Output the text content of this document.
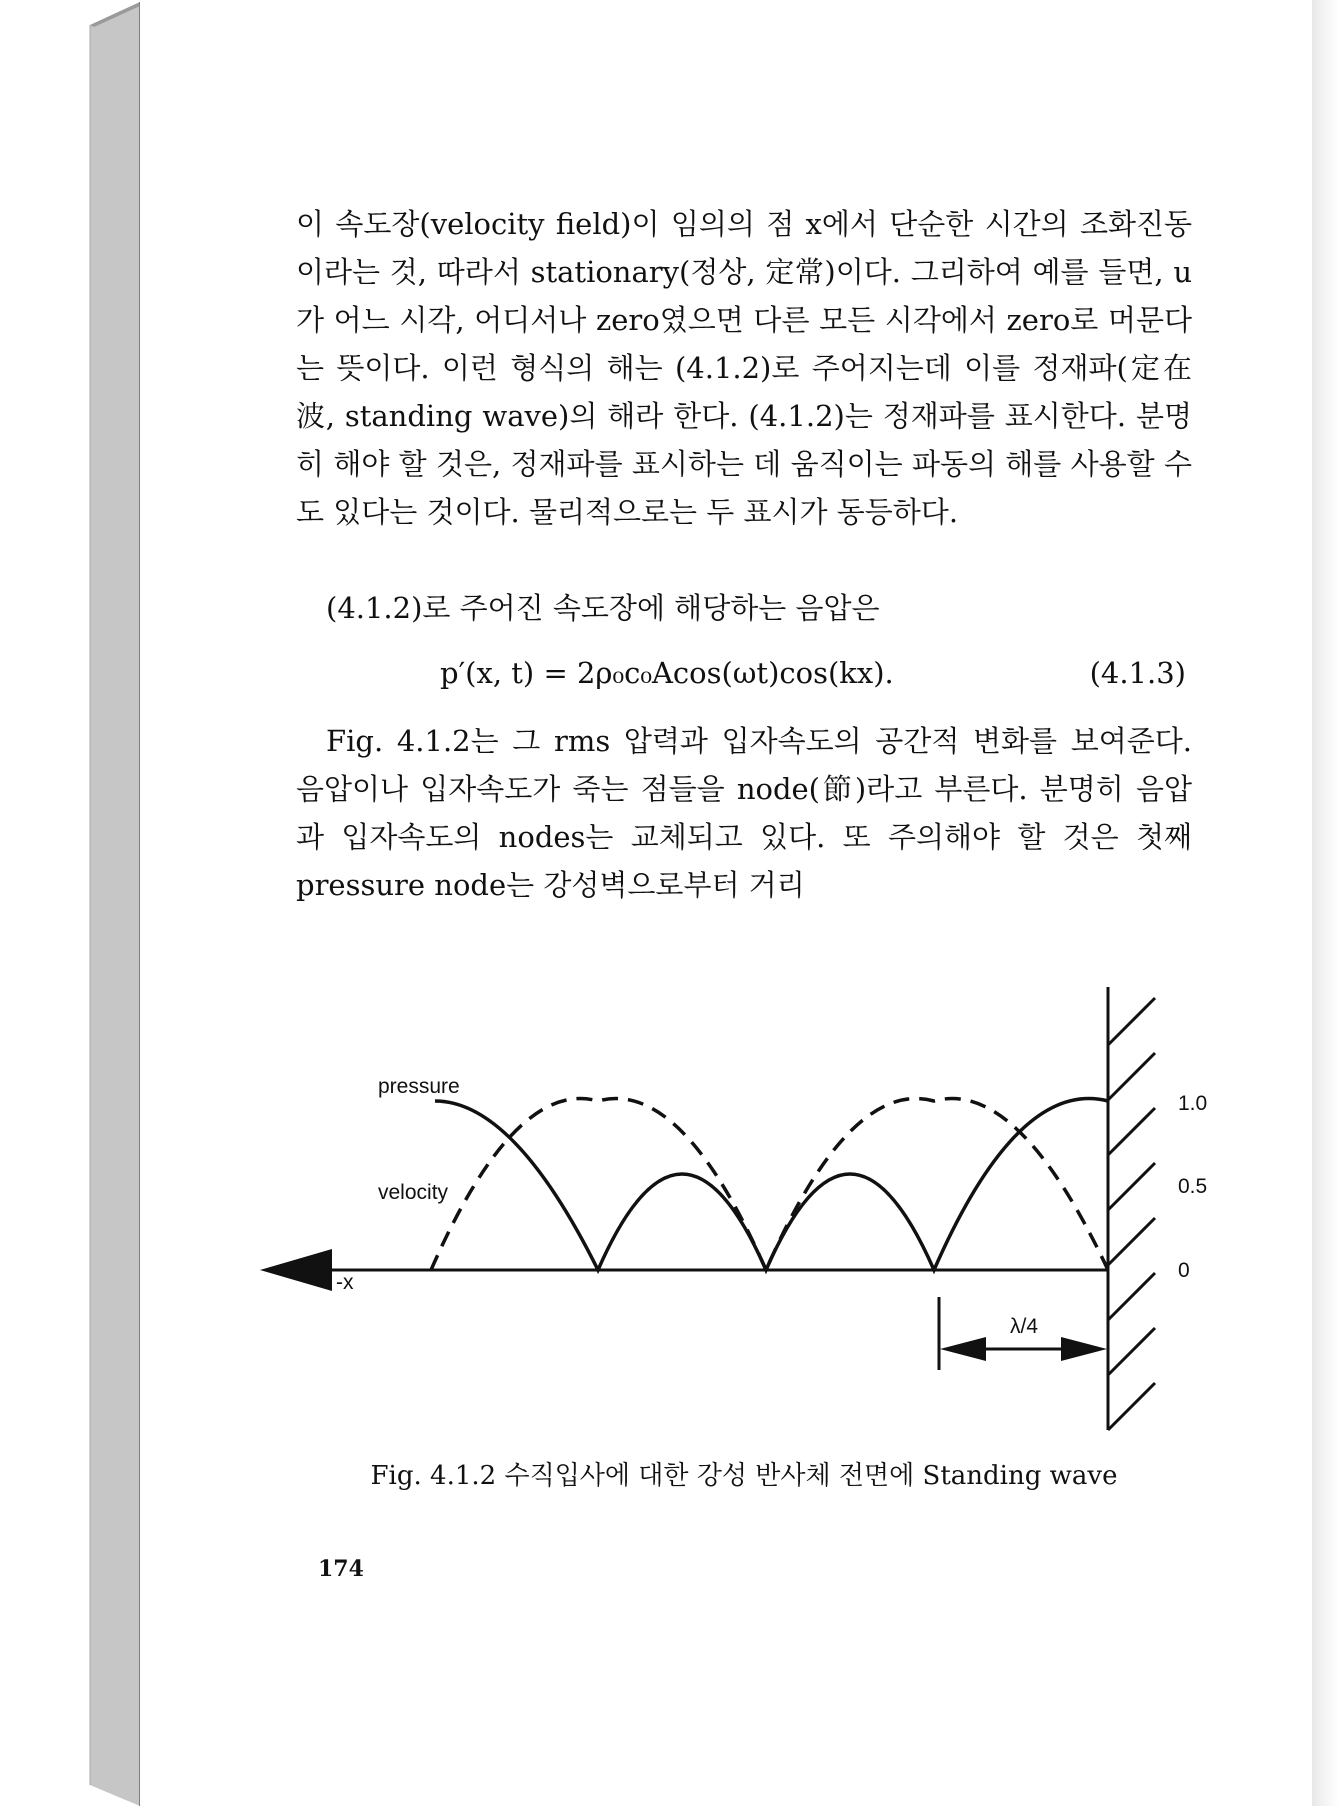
이 속도장(velocity field)이 임의의 점 x에서 단순한 시간의 조화진동이라는 것, 따라서 stationary(정상, 定常)이다. 그리하여 예를 들면, u가 어느 시각, 어디서나 zero였으면 다른 모든 시각에서 zero로 머문다는 뜻이다. 이런 형식의 해는 (4.1.2)로 주어지는데 이를 정재파(定在波, standing wave)의 해라 한다. (4.1.2)는 정재파를 표시한다. 분명히 해야 할 것은, 정재파를 표시하는 데 움직이는 파동의 해를 사용할 수도 있다는 것이다. 물리적으로는 두 표시가 동등하다.

(4.1.2)로 주어진 속도장에 해당하는 음압은

p′(x, t) = 2ρ₀c₀Acos(ωt)cos(kx).	(4.1.3)

Fig. 4.1.2는 그 rms 압력과 입자속도의 공간적 변화를 보여준다. 음압이나 입자속도가 죽는 점들을 node(節)라고 부른다. 분명히 음압과 입자속도의 nodes는 교체되고 있다. 또 주의해야 할 것은 첫째 pressure node는 강성벽으로부터 거리

-x
pressure
velocity
1.0
0.5
0
λ/4
Fig. 4.1.2 수직입사에 대한 강성 반사체 전면에 Standing wave
174
